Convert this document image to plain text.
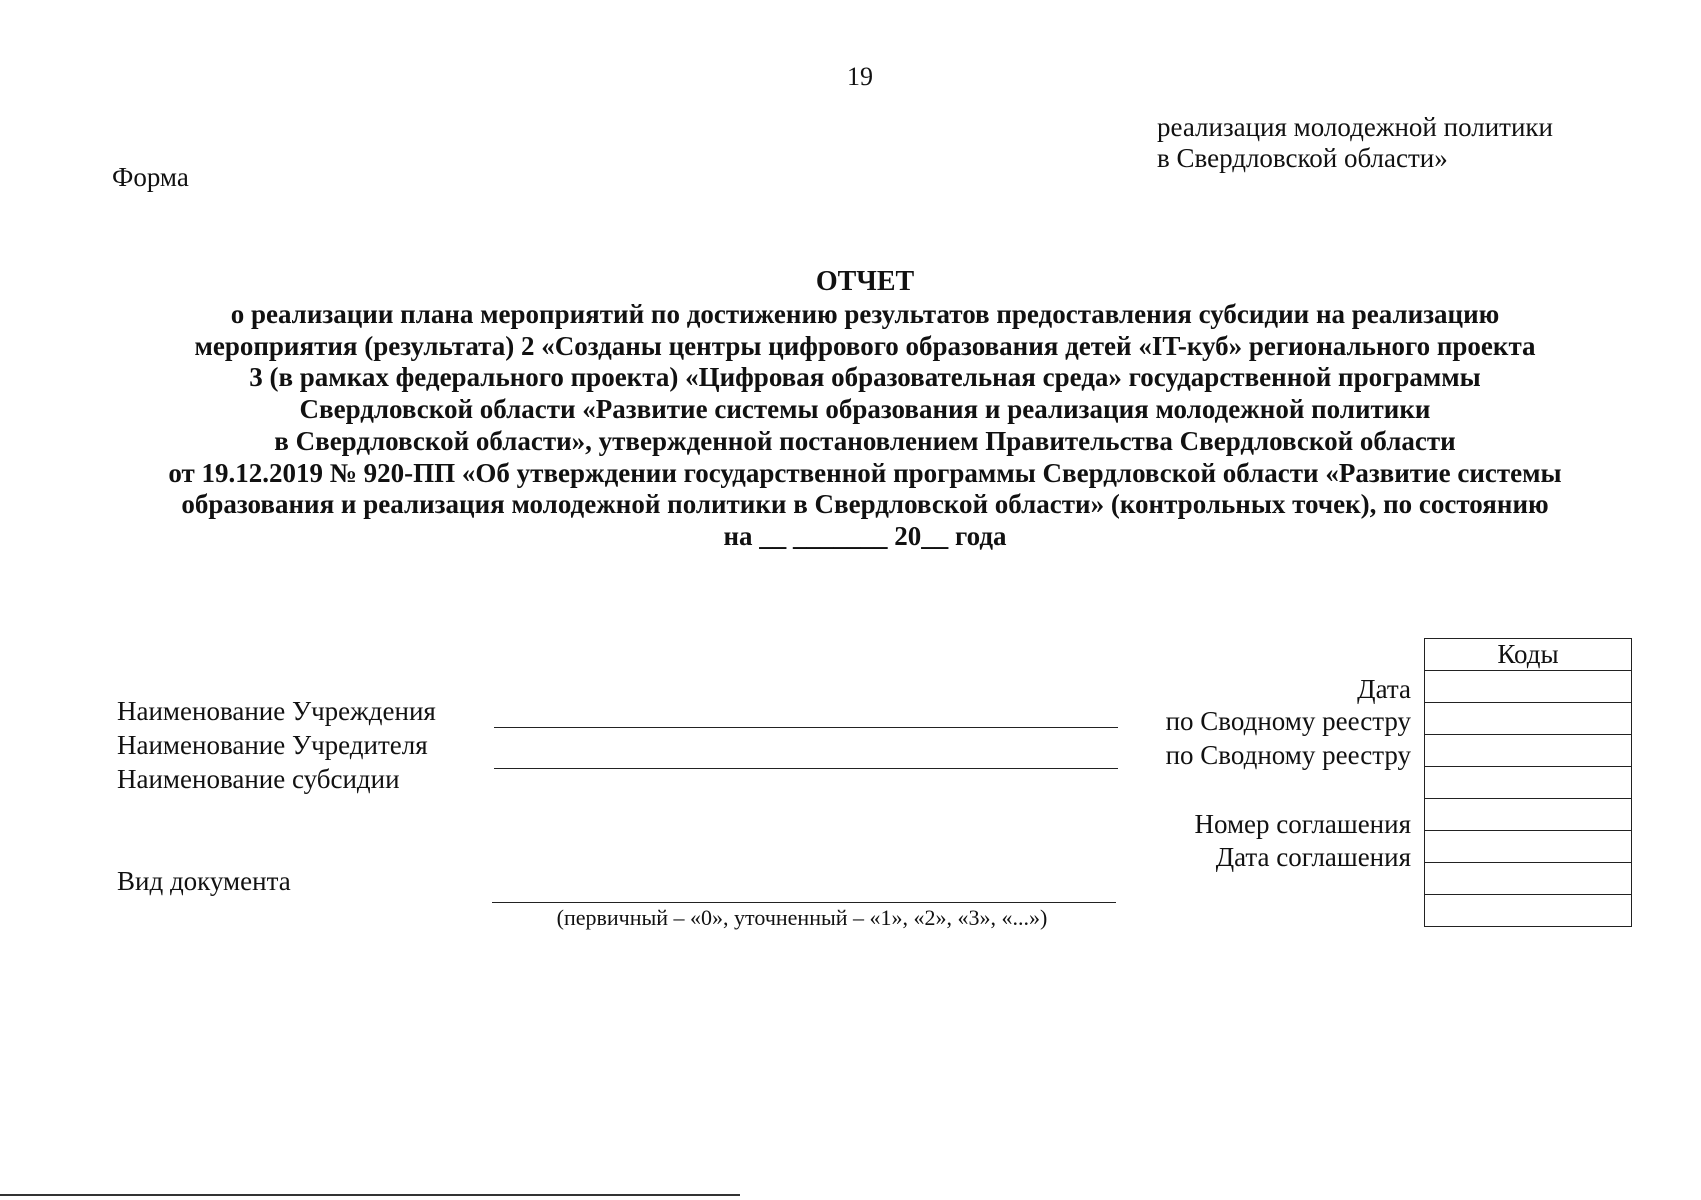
19
реализация молодежной политики
в Свердловской области»
Форма
ОТЧЕТ
о реализации плана мероприятий по достижению результатов предоставления субсидии на реализацию
мероприятия (результата) 2 «Созданы центры цифрового образования детей «IT-куб» регионального проекта
3 (в рамках федерального проекта) «Цифровая образовательная среда» государственной программы
Свердловской области «Развитие системы образования и реализация молодежной политики
в Свердловской области», утвержденной постановлением Правительства Свердловской области
от 19.12.2019 № 920-ПП «Об утверждении государственной программы Свердловской области «Развитие системы
образования и реализация молодежной политики в Свердловской области» (контрольных точек), по состоянию
на __ _______ 20__ года
Наименование Учреждения
Наименование Учредителя
Наименование субсидии
Вид документа
(первичный – «0», уточненный – «1», «2», «3», «...»)
Дата
по Сводному реестру
по Сводному реестру
Номер соглашения
Дата соглашения
Коды
